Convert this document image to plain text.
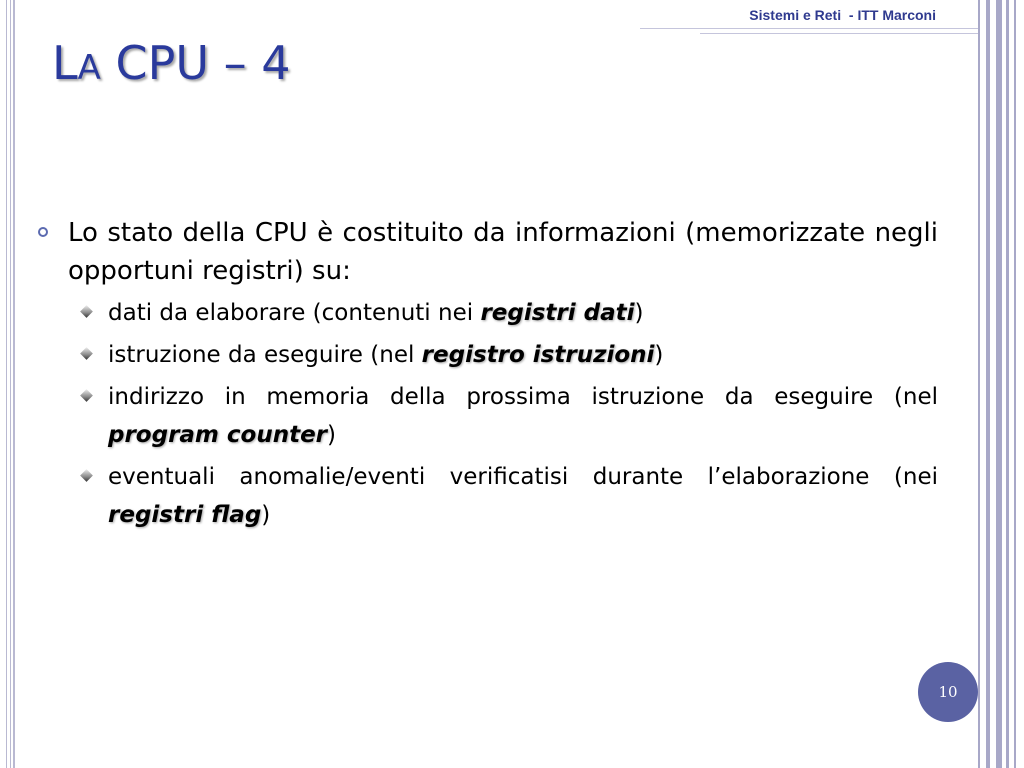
Sistemi e Reti  - ITT Marconi
LA CPU – 4
Lo stato della CPU è costituito da informazioni (memorizzate negli opportuni registri) su:
dati da elaborare (contenuti nei registri dati)
istruzione da eseguire (nel registro istruzioni)
indirizzo in memoria della prossima istruzione da eseguire (nel program counter)
eventuali anomalie/eventi verificatisi durante l’elaborazione (nei registri flag)
10
